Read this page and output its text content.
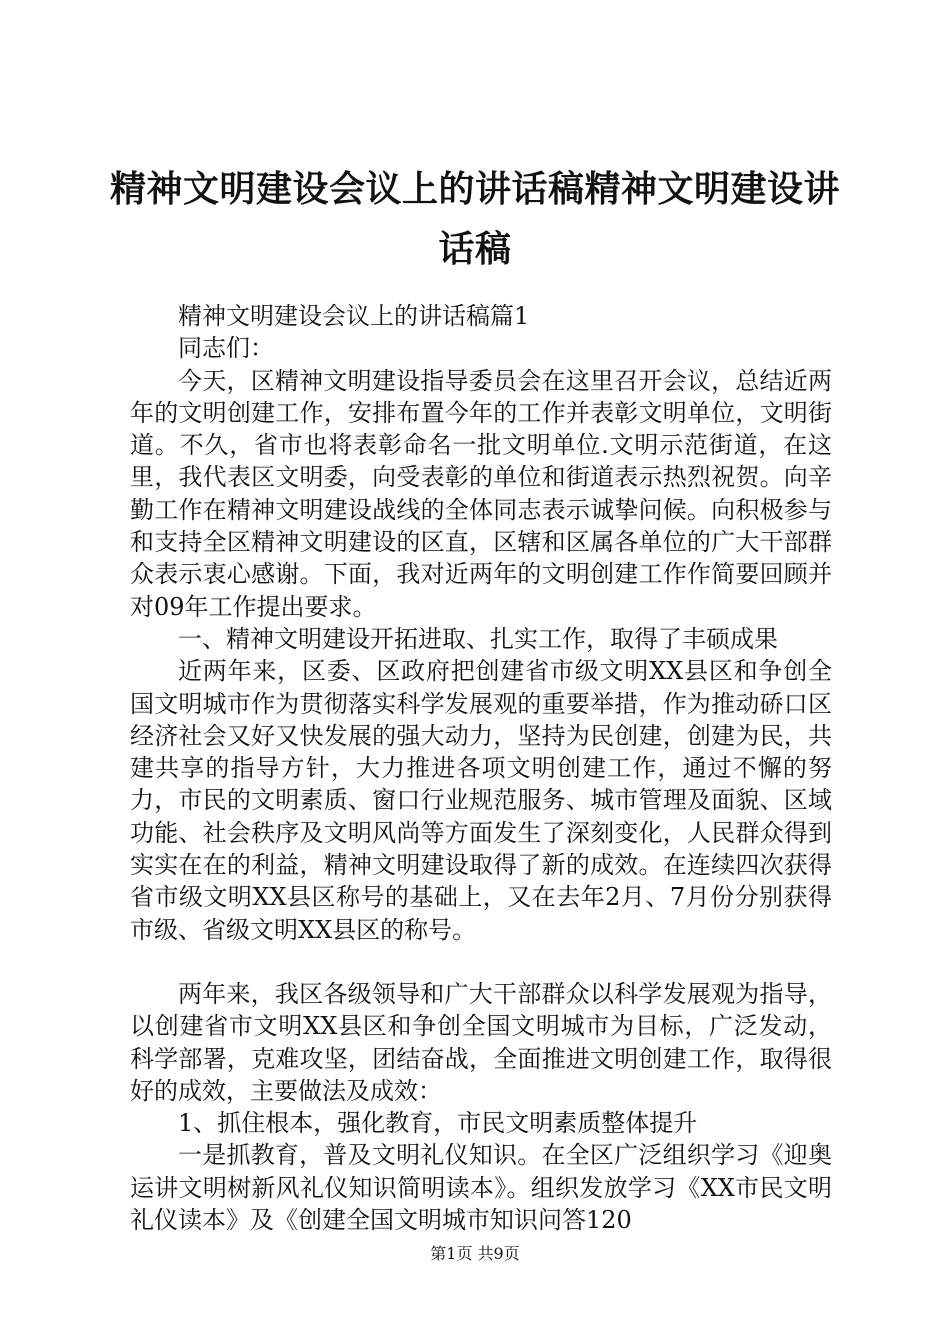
精神文明建设会议上的讲话稿精神文明建设讲话稿

精神文明建设会议上的讲话稿篇1

同志们：

今天，区精神文明建设指导委员会在这里召开会议，总结近两年的文明创建工作，安排布置今年的工作并表彰文明单位，文明街道。不久，省市也将表彰命名一批文明单位.文明示范街道，在这里，我代表区文明委，向受表彰的单位和街道表示热烈祝贺。向辛勤工作在精神文明建设战线的全体同志表示诚挚问候。向积极参与和支持全区精神文明建设的区直，区辖和区属各单位的广大干部群众表示衷心感谢。下面，我对近两年的文明创建工作作简要回顾并对09年工作提出要求。

一、精神文明建设开拓进取、扎实工作，取得了丰硕成果

近两年来，区委、区政府把创建省市级文明XX县区和争创全国文明城市作为贯彻落实科学发展观的重要举措，作为推动硚口区经济社会又好又快发展的强大动力，坚持为民创建，创建为民，共建共享的指导方针，大力推进各项文明创建工作，通过不懈的努力，市民的文明素质、窗口行业规范服务、城市管理及面貌、区域功能、社会秩序及文明风尚等方面发生了深刻变化，人民群众得到实实在在的利益，精神文明建设取得了新的成效。在连续四次获得省市级文明XX县区称号的基础上，又在去年2月、7月份分别获得市级、省级文明XX县区的称号。

两年来，我区各级领导和广大干部群众以科学发展观为指导，以创建省市文明XX县区和争创全国文明城市为目标，广泛发动，科学部署，克难攻坚，团结奋战，全面推进文明创建工作，取得很好的成效，主要做法及成效：

1、抓住根本，强化教育，市民文明素质整体提升

一是抓教育，普及文明礼仪知识。在全区广泛组织学习《迎奥运讲文明树新风礼仪知识简明读本》。组织发放学习《XX市民文明礼仪读本》及《创建全国文明城市知识问答120

第1页 共9页
